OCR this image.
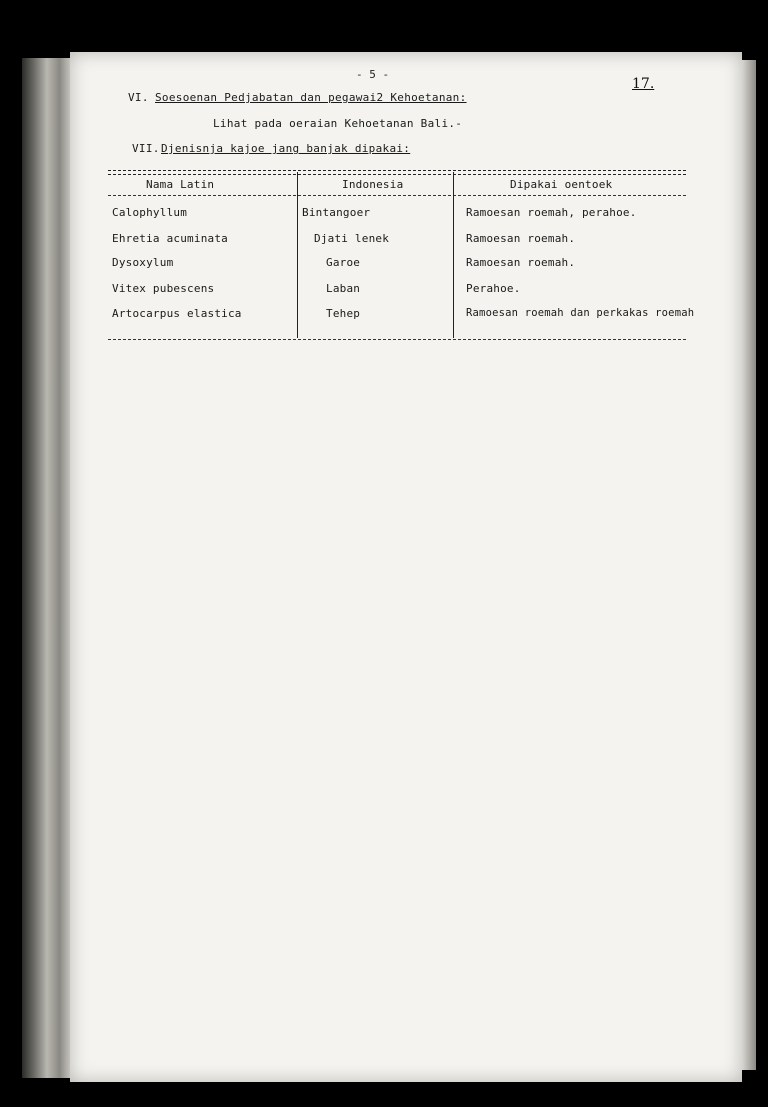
- 5 -
17.
VI. Soesoenan Pedjabatan dan pegawai2 Kehoetanan:
Lihat pada oeraian Kehoetanan Bali.-
VII. Djenisnja kajoe jang banjak dipakai:
Nama Latin	Indonesia	Dipakai oentoek
Calophyllum	Bintangoer	Ramoesan roemah, perahoe.
Ehretia acuminata	Djati lenek	Ramoesan roemah.
Dysoxylum	Garoe	Ramoesan roemah.
Vitex pubescens	Laban	Perahoe.
Artocarpus elastica	Tehep	Ramoesan roemah dan perkakas roemah
